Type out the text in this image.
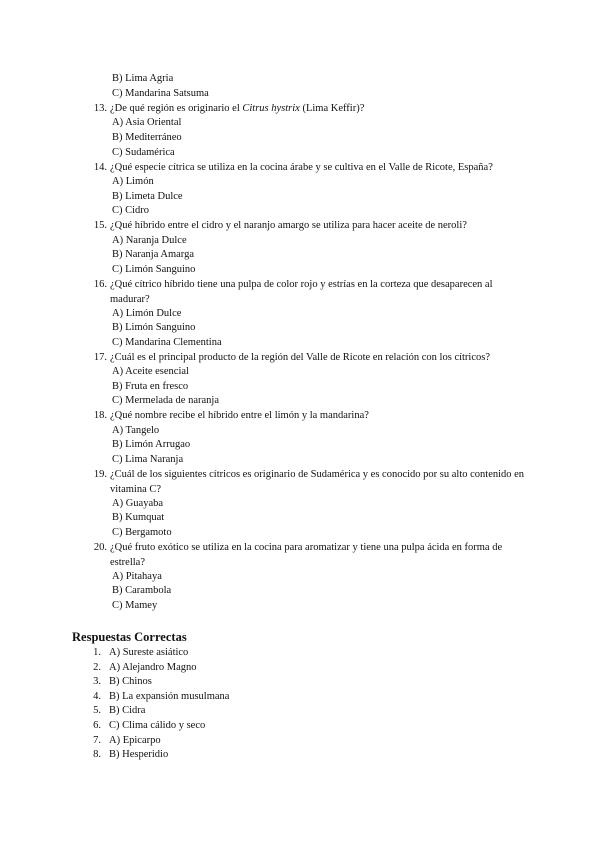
B) Lima Agria
C) Mandarina Satsuma
13. ¿De qué región es originario el Citrus hystrix (Lima Keffir)?
A) Asia Oriental
B) Mediterráneo
C) Sudamérica
14. ¿Qué especie cítrica se utiliza en la cocina árabe y se cultiva en el Valle de Ricote, España?
A) Limón
B) Limeta Dulce
C) Cidro
15. ¿Qué híbrido entre el cidro y el naranjo amargo se utiliza para hacer aceite de neroli?
A) Naranja Dulce
B) Naranja Amarga
C) Limón Sanguino
16. ¿Qué cítrico híbrido tiene una pulpa de color rojo y estrías en la corteza que desaparecen al madurar?
A) Limón Dulce
B) Limón Sanguino
C) Mandarina Clementina
17. ¿Cuál es el principal producto de la región del Valle de Ricote en relación con los cítricos?
A) Aceite esencial
B) Fruta en fresco
C) Mermelada de naranja
18. ¿Qué nombre recibe el híbrido entre el limón y la mandarina?
A) Tangelo
B) Limón Arrugao
C) Lima Naranja
19. ¿Cuál de los siguientes cítricos es originario de Sudamérica y es conocido por su alto contenido en vitamina C?
A) Guayaba
B) Kumquat
C) Bergamoto
20. ¿Qué fruto exótico se utiliza en la cocina para aromatizar y tiene una pulpa ácida en forma de estrella?
A) Pitahaya
B) Carambola
C) Mamey
Respuestas Correctas
1. A) Sureste asiático
2. A) Alejandro Magno
3. B) Chinos
4. B) La expansión musulmana
5. B) Cidra
6. C) Clima cálido y seco
7. A) Epicarpo
8. B) Hesperidio
